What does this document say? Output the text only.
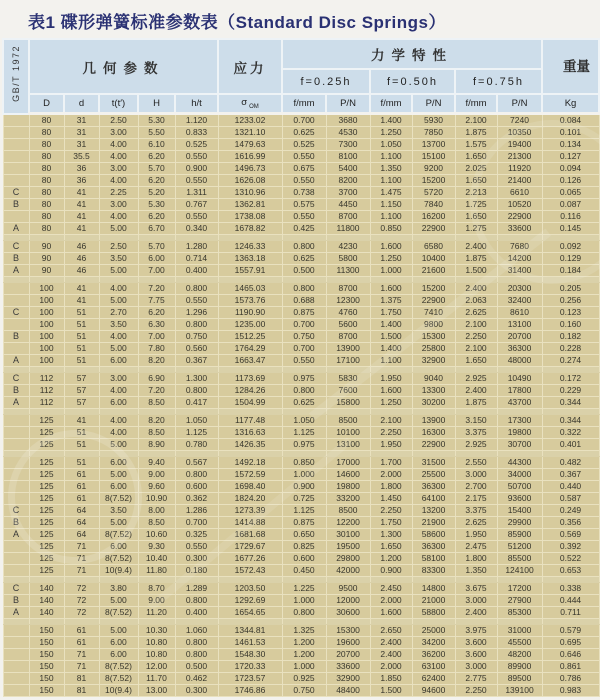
表1 碟形弹簧标准参数表（Standard Disc Springs）
GB/T 1972	几何参数					应力	力学特性						重量
							f=0.25h		f=0.50h		f=0.75h		
	D	d	t(t′)	H	h/t	σ  $_{OM}$	f/mm	P/N	f/mm	P/N	f/mm	P/N	Kg
	80	31	2.50	5.30	1.120	1233.02	0.700	3680	1.400	5930	2.100	7240	0.084
	80	31	3.00	5.50	0.833	1321.10	0.625	4530	1.250	7850	1.875	10350	0.101
	80	31	4.00	6.10	0.525	1479.63	0.525	7300	1.050	13700	1.575	19400	0.134
	80	35.5	4.00	6.20	0.550	1616.99	0.550	8100	1.100	15100	1.650	21300	0.127
	80	36	3.00	5.70	0.900	1496.73	0.675	5400	1.350	9200	2.025	11920	0.094
	80	36	4.00	6.20	0.550	1626.08	0.550	8200	1.100	15200	1.650	21400	0.126
C	80	41	2.25	5.20	1.311	1310.96	0.738	3700	1.475	5720	2.213	6610	0.065
B	80	41	3.00	5.30	0.767	1362.81	0.575	4450	1.150	7840	1.725	10520	0.087
	80	41	4.00	6.20	0.550	1738.08	0.550	8700	1.100	16200	1.650	22900	0.116
A	80	41	5.00	6.70	0.340	1678.82	0.425	11800	0.850	22900	1.275	33600	0.145

C	90	46	2.50	5.70	1.280	1246.33	0.800	4230	1.600	6580	2.400	7680	0.092
B	90	46	3.50	6.00	0.714	1363.18	0.625	5800	1.250	10400	1.875	14200	0.129
A	90	46	5.00	7.00	0.400	1557.91	0.500	11300	1.000	21600	1.500	31400	0.184

	100	41	4.00	7.20	0.800	1465.03	0.800	8700	1.600	15200	2.400	20300	0.205
	100	41	5.00	7.75	0.550	1573.76	0.688	12300	1.375	22900	2.063	32400	0.256
C	100	51	2.70	6.20	1.296	1190.90	0.875	4760	1.750	7410	2.625	8610	0.123
	100	51	3.50	6.30	0.800	1235.00	0.700	5600	1.400	9800	2.100	13100	0.160
B	100	51	4.00	7.00	0.750	1512.25	0.750	8700	1.500	15300	2.250	20700	0.182
	100	51	5.00	7.80	0.560	1764.29	0.700	13900	1.400	25800	2.100	36300	0.228
A	100	51	6.00	8.20	0.367	1663.47	0.550	17100	1.100	32900	1.650	48000	0.274

C	112	57	3.00	6.90	1.300	1173.69	0.975	5830	1.950	9040	2.925	10490	0.172
B	112	57	4.00	7.20	0.800	1284.26	0.800	7600	1.600	13300	2.400	17800	0.229
A	112	57	6.00	8.50	0.417	1504.99	0.625	15800	1.250	30200	1.875	43700	0.344

	125	41	4.00	8.20	1.050	1177.48	1.050	8500	2.100	13900	3.150	17300	0.344
	125	51	4.00	8.50	1.125	1316.63	1.125	10100	2.250	16300	3.375	19800	0.322
	125	51	5.00	8.90	0.780	1426.35	0.975	13100	1.950	22900	2.925	30700	0.401

	125	51	6.00	9.40	0.567	1492.18	0.850	17000	1.700	31500	2.550	44300	0.482
	125	61	5.00	9.00	0.800	1572.59	1.000	14600	2.000	25500	3.000	34000	0.367
	125	61	6.00	9.60	0.600	1698.40	0.900	19800	1.800	36300	2.700	50700	0.440
	125	61	8(7.52)	10.90	0.362	1824.20	0.725	33200	1.450	64100	2.175	93600	0.587
C	125	64	3.50	8.00	1.286	1273.39	1.125	8500	2.250	13200	3.375	15400	0.249
B	125	64	5.00	8.50	0.700	1414.88	0.875	12200	1.750	21900	2.625	29900	0.356
A	125	64	8(7.52)	10.60	0.325	1681.68	0.650	30100	1.300	58600	1.950	85900	0.569
	125	71	6.00	9.30	0.550	1729.67	0.825	19500	1.650	36300	2.475	51200	0.392
	125	71	8(7.52)	10.40	0.300	1677.26	0.600	29800	1.200	58100	1.800	85500	0.522
	125	71	10(9.4)	11.80	0.180	1572.43	0.450	42000	0.900	83300	1.350	124100	0.653

C	140	72	3.80	8.70	1.289	1203.50	1.225	9500	2.450	14800	3.675	17200	0.338
B	140	72	5.00	9.00	0.800	1292.69	1.000	12000	2.000	21000	3.000	27900	0.444
A	140	72	8(7.52)	11.20	0.400	1654.65	0.800	30600	1.600	58800	2.400	85300	0.711

	150	61	5.00	10.30	1.060	1344.81	1.325	15300	2.650	25000	3.975	31000	0.579
	150	61	6.00	10.80	0.800	1461.53	1.200	19600	2.400	34200	3.600	45500	0.695
	150	71	6.00	10.80	0.800	1548.30	1.200	20700	2.400	36200	3.600	48200	0.646
	150	71	8(7.52)	12.00	0.500	1720.33	1.000	33600	2.000	63100	3.000	89900	0.861
	150	81	8(7.52)	11.70	0.462	1723.57	0.925	32900	1.850	62400	2.775	89500	0.786
	150	81	10(9.4)	13.00	0.300	1746.86	0.750	48400	1.500	94600	2.250	139100	0.983
